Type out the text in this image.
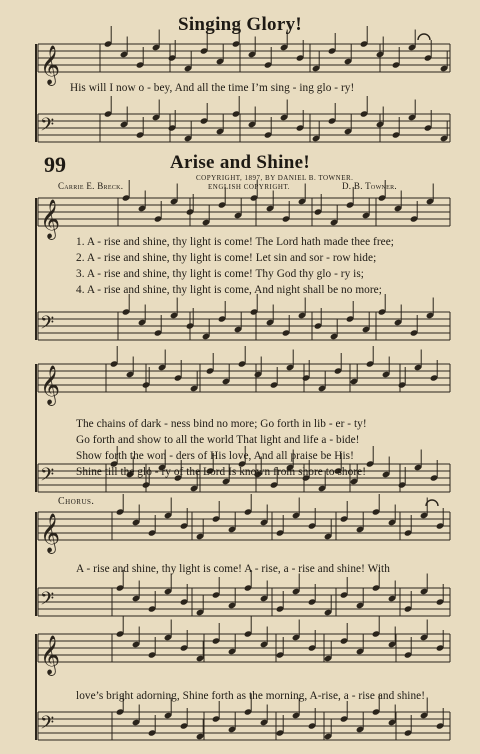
𝄞
𝄢
𝄞
𝄢
𝄞
𝄢
𝄞
𝄢
𝄞
𝄢
Singing Glory!
His will I now o - bey, And all the time I’m sing - ing glo - ry!
99	Arise and Shine!
COPYRIGHT, 1897, BY DANIEL B. TOWNER.
ENGLISH COPYRIGHT.
Carrie E. Breck.	D. B. Towner.
1. A - rise and shine, thy light is come! The Lord hath made thee free;
2. A - rise and shine, thy light is come! Let sin and sor - row hide;
3. A - rise and shine, thy light is come! Thy God thy glo - ry is;
4. A - rise and shine, thy light is come, And night shall be no more;
The chains of dark - ness bind no more; Go forth in lib - er - ty!
Go forth and show to all the world That light and life a - bide!
Show forth the won - ders of His love, And all praise be His!
Shine till the glo - ry of the Lord Is known from shore to shore!
Chorus.
A - rise and shine, thy light is come! A - rise, a - rise and shine! With
love’s bright adorning, Shine forth as the morning, A-rise, a - rise and shine!
